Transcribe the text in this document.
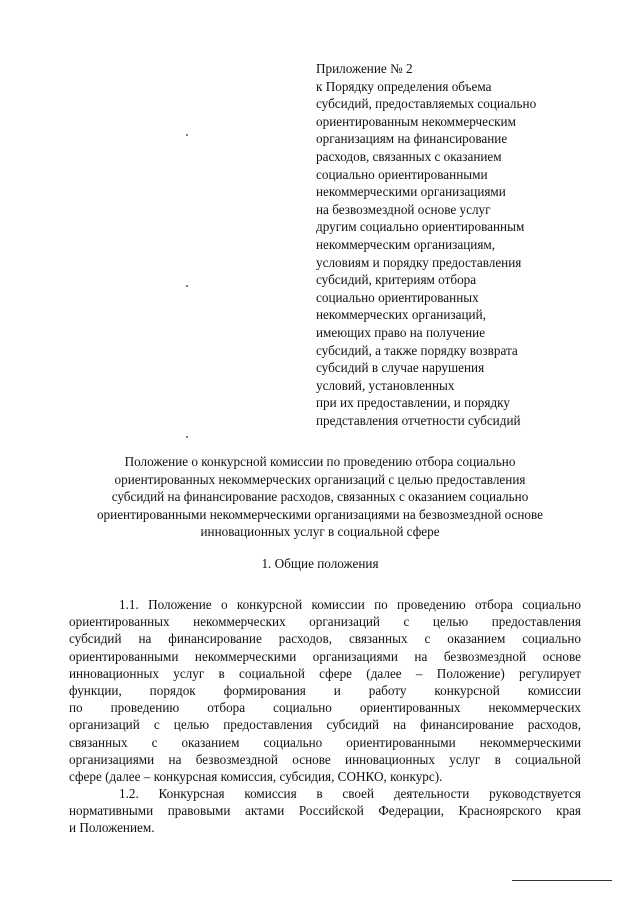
Приложение № 2
к Порядку определения объема
субсидий, предоставляемых социально
ориентированным некоммерческим
организациям на финансирование
расходов, связанных с оказанием
социально ориентированными
некоммерческими организациями
на безвозмездной основе услуг
другим социально ориентированным
некоммерческим организациям,
условиям и порядку предоставления
субсидий, критериям отбора
социально ориентированных
некоммерческих организаций,
имеющих право на получение
субсидий, а также порядку возврата
субсидий в случае нарушения
условий, установленных
при их предоставлении, и порядку
представления отчетности субсидий
Положение о конкурсной комиссии по проведению отбора социально
ориентированных некоммерческих организаций с целью предоставления
субсидий на финансирование расходов, связанных с оказанием социально
ориентированными некоммерческими организациями на безвозмездной основе
инновационных услуг в социальной сфере
1. Общие положения
1.1. Положение о конкурсной комиссии по проведению отбора социально
ориентированных некоммерческих организаций с целью предоставления
субсидий на финансирование расходов, связанных с оказанием социально
ориентированными некоммерческими организациями на безвозмездной основе
инновационных услуг в социальной сфере (далее – Положение) регулирует
функции, порядок формирования и работу конкурсной комиссии
по проведению отбора социально ориентированных некоммерческих
организаций с целью предоставления субсидий на финансирование расходов,
связанных с оказанием социально ориентированными некоммерческими
организациями на безвозмездной основе инновационных услуг в социальной
сфере (далее – конкурсная комиссия, субсидия, СОНКО, конкурс).
1.2. Конкурсная комиссия в своей деятельности руководствуется
нормативными правовыми актами Российской Федерации, Красноярского края
и Положением.
